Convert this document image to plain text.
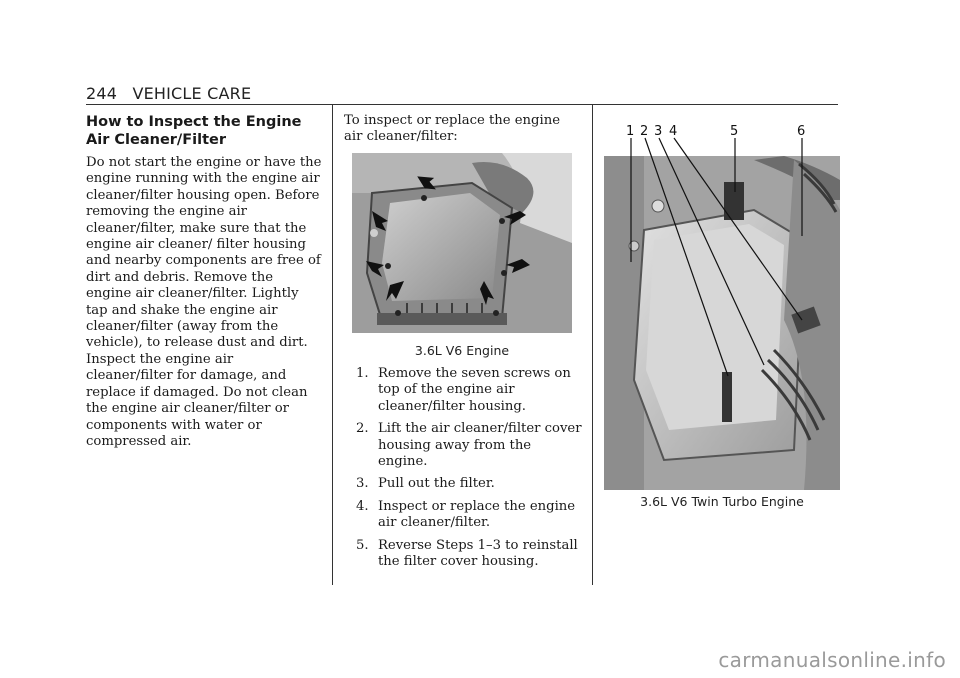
244 VEHICLE CARE
How to Inspect the Engine Air Cleaner/Filter

Do not start the engine or have the engine running with the engine air cleaner/filter housing open. Before removing the engine air cleaner/filter, make sure that the engine air cleaner/ filter housing and nearby components are free of dirt and debris. Remove the engine air cleaner/filter. Lightly tap and shake the engine air cleaner/filter (away from the vehicle), to release dust and dirt. Inspect the engine air cleaner/filter for damage, and replace if damaged. Do not clean the engine air cleaner/filter or components with water or compressed air.

To inspect or replace the engine air cleaner/filter:

3.6L V6 Engine
1. Remove the seven screws on top of the engine air cleaner/filter housing.
2. Lift the air cleaner/filter cover housing away from the engine.
3. Pull out the filter.
4. Inspect or replace the engine air cleaner/filter.
5. Reverse Steps 1–3 to reinstall the filter cover housing.
1 2 3 4	5	6
3.6L V6 Twin Turbo Engine
carmanualsonline.info
